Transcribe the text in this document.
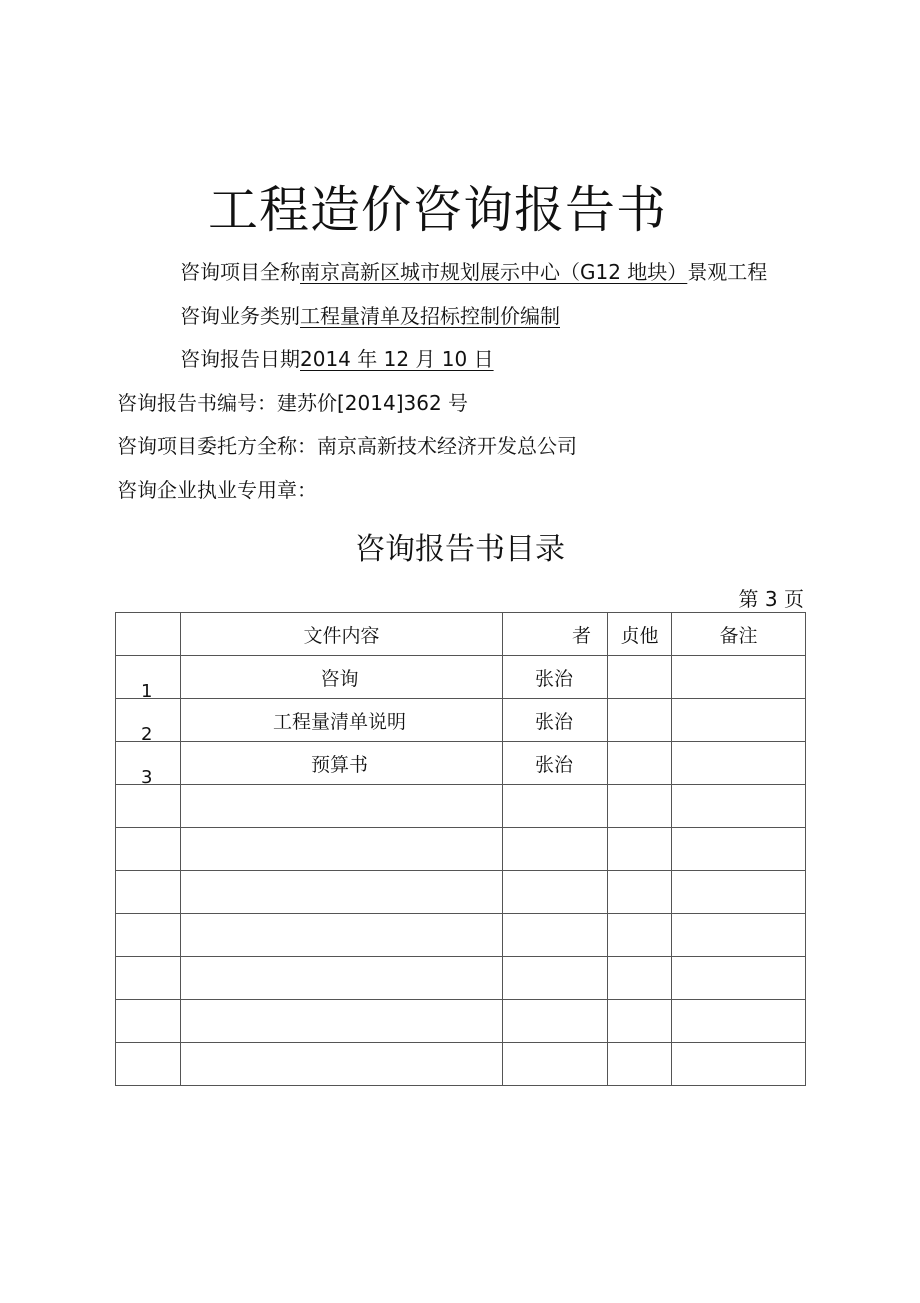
工程造价咨询报告书
咨询项目全称南京高新区城市规划展示中心（G12 地块）景观工程
咨询业务类别工程量清单及招标控制价编制
咨询报告日期2014 年 12 月 10 日
咨询报告书编号：建苏价[2014]362 号
咨询项目委托方全称：南京高新技术经济开发总公司
咨询企业执业专用章：
咨询报告书目录
第 3 页
	文件内容	者	贞他	备注
1	咨询	张治		
2	工程量清单说明	张治		
3	预算书	张治		
